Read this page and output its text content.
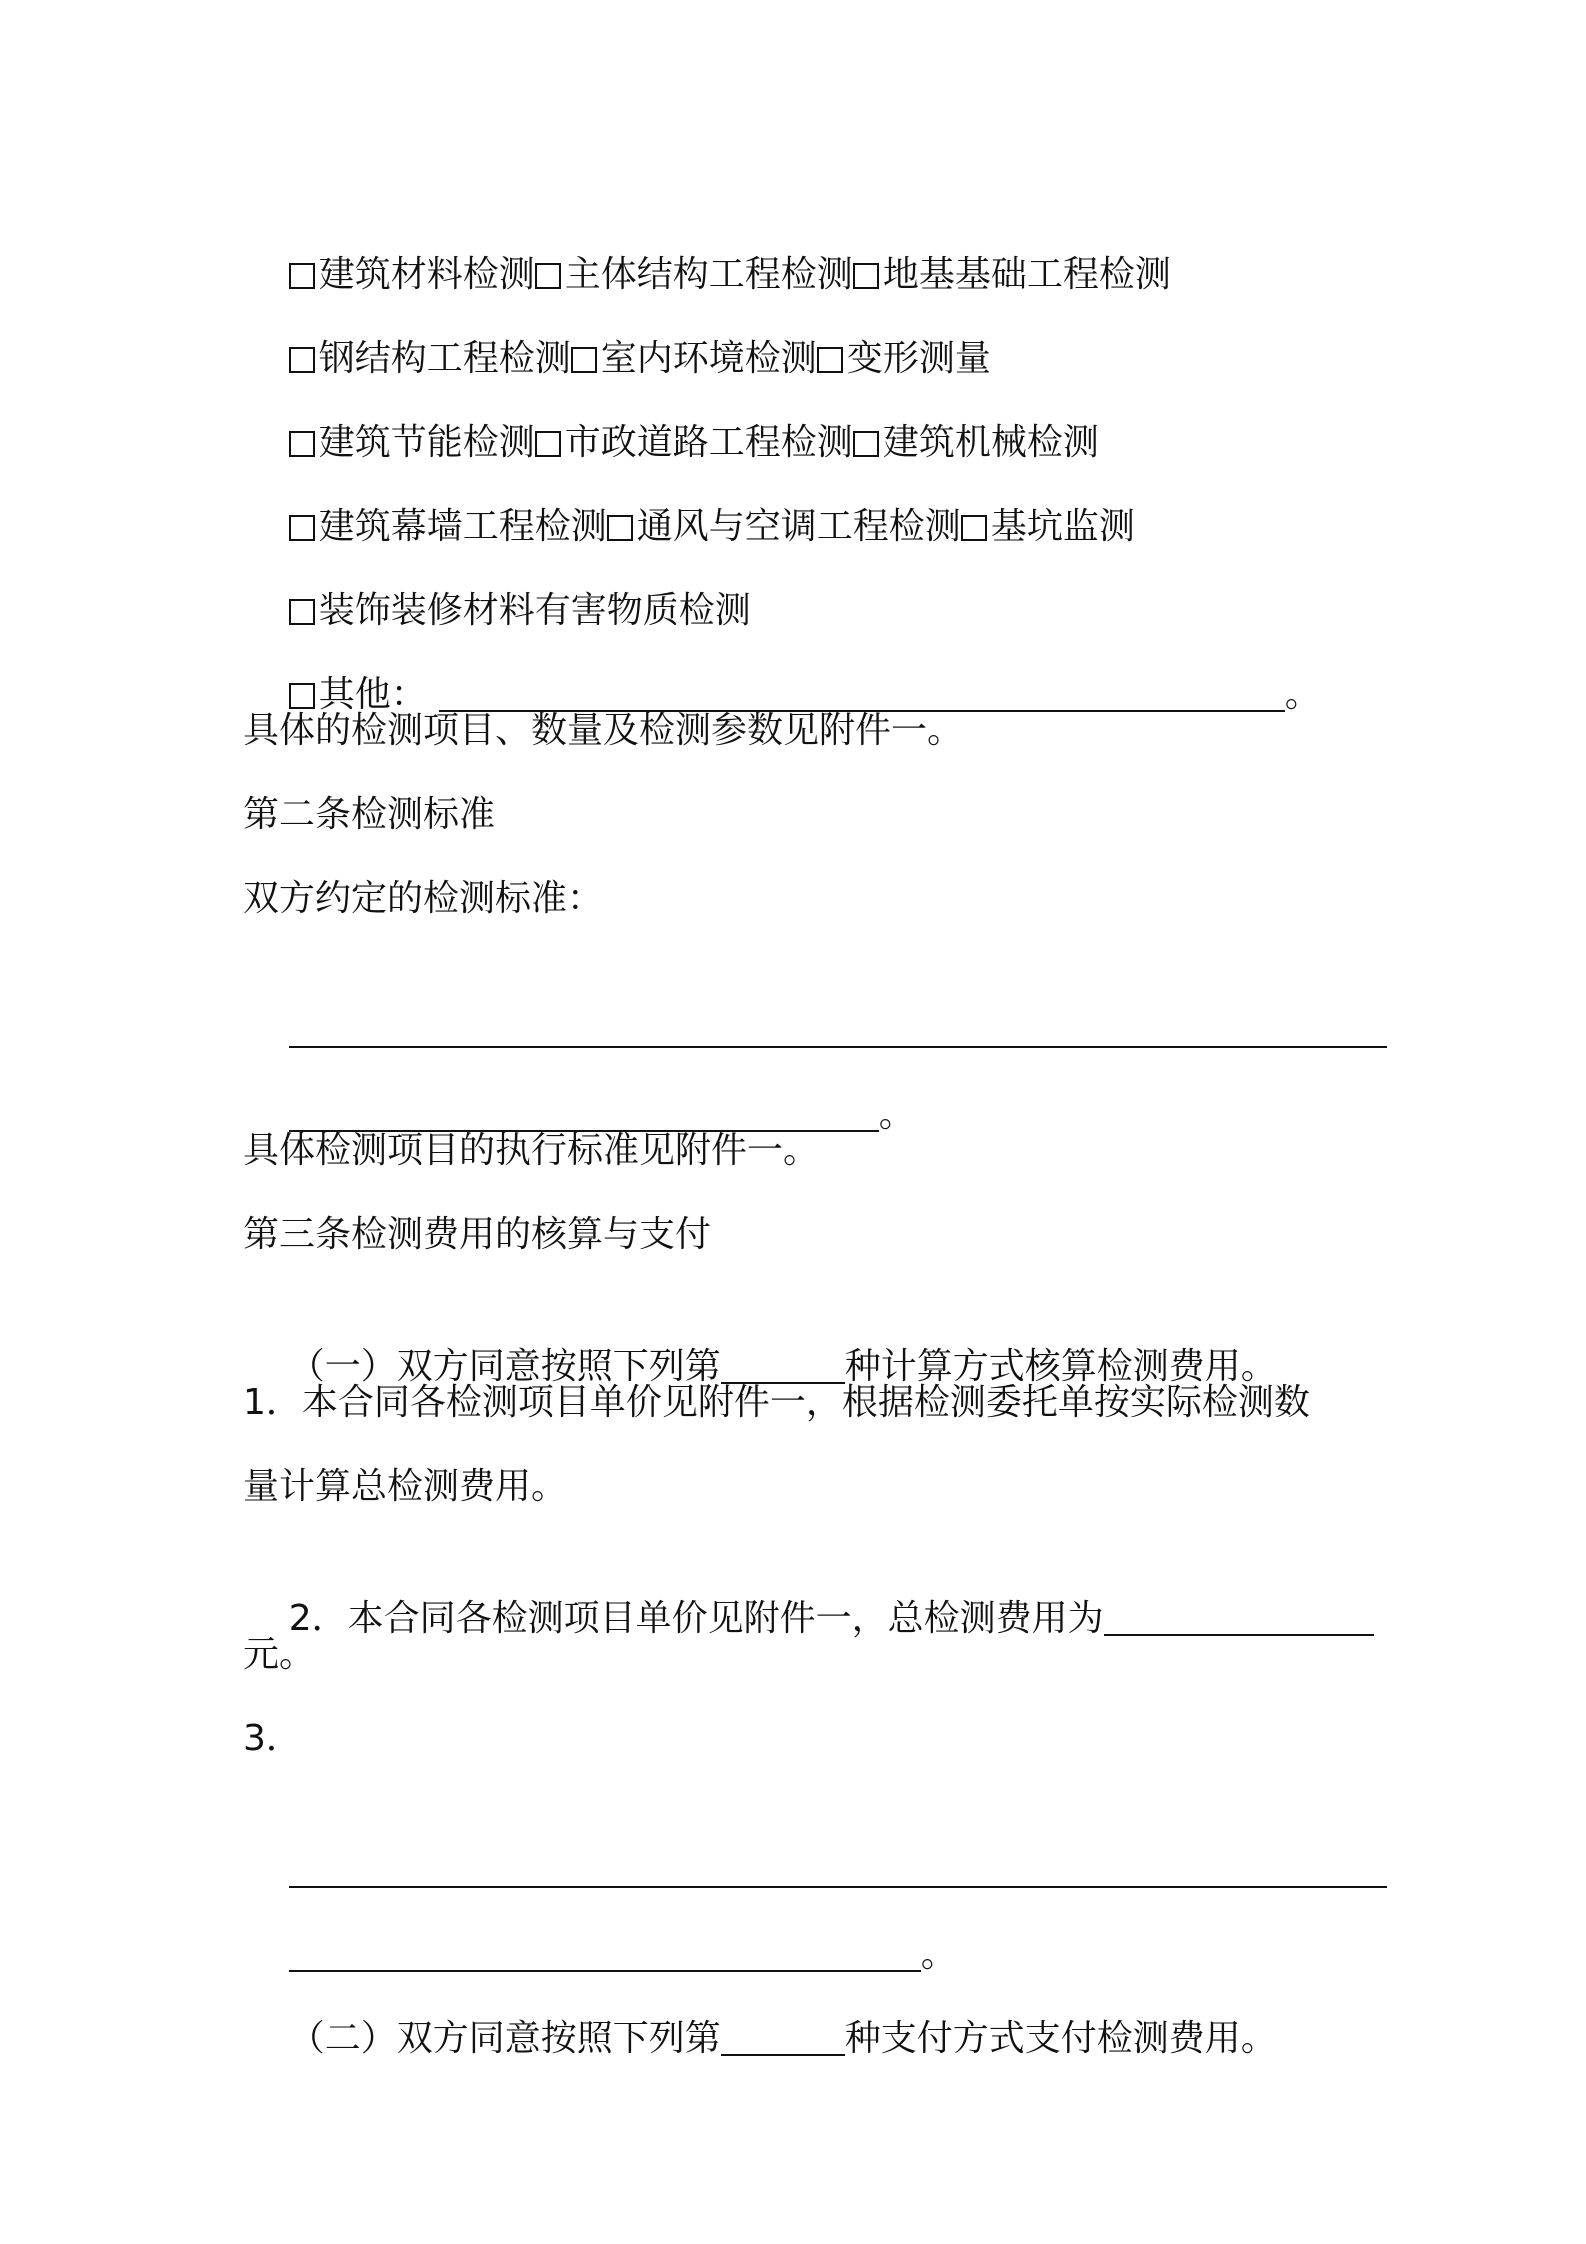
建筑材料检测 主体结构工程检测 地基基础工程检测

钢结构工程检测 室内环境检测 变形测量

建筑节能检测 市政道路工程检测 建筑机械检测

建筑幕墙工程检测 通风与空调工程检测 基坑监测

装饰装修材料有害物质检测

其他：	。

具体的检测项目、数量及检测参数见附件一。
第二条检测标准
双方约定的检测标准：

。

具体检测项目的执行标准见附件一。
第三条检测费用的核算与支付

（一）双方同意按照下列第	种计算方式核算检测费用。

1．本合同各检测项目单价见附件一，根据检测委托单按实际检测数
量计算总检测费用。

2．本合同各检测项目单价见附件一，总检测费用为

元。
3．

。

（二）双方同意按照下列第	种支付方式支付检测费用。
